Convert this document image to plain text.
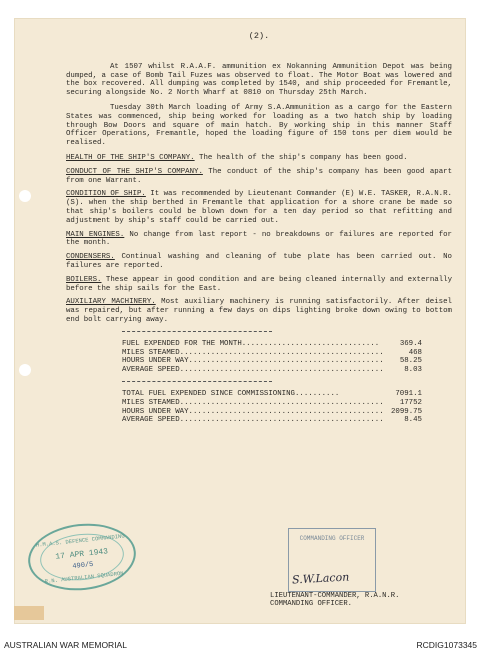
(2).

At 1507 whilst R.A.A.F. ammunition ex Nokanning Ammunition Depot was being dumped, a case of Bomb Tail Fuzes was observed to float. The Motor Boat was lowered and the box recovered. All dumping was completed by 1540, and ship proceeded for Fremantle, securing alongside No. 2 North Wharf at 0810 on Thursday 25th March.

Tuesday 30th March loading of Army S.A.Ammunition as a cargo for the Eastern States was commenced, ship being worked for loading as a two hatch ship by loading through Bow Doors and square of main hatch. By working ship in this manner Staff Officer Operations, Fremantle, hoped the loading figure of 150 tons per diem would be realised.

HEALTH OF THE SHIP'S COMPANY. The health of the ship's company has been good.

CONDUCT OF THE SHIP'S COMPANY. The conduct of the ship's company has been good apart from one Warrant.

CONDITION OF SHIP. It was recommended by Lieutenant Commander (E) W.E. TASKER, R.A.N.R.(S). when the ship berthed in Fremantle that application for a shore crane be made so that ship's boilers could be blown down for a ten day period so that refitting and adjustment by ship's staff could be carried out.

MAIN ENGINES. No change from last report - no breakdowns or failures are reported for the month.

CONDENSERS. Continual washing and cleaning of tube plate has been carried out. No failures are reported.

BOILERS. These appear in good condition and are being cleaned internally and externally before the ship sails for the East.

AUXILIARY MACHINERY. Most auxiliary machinery is running satisfactorily. After deisel was repaired, but after running a few days on dips lighting broke down owing to bottom end bolt carrying away.

FUEL EXPENDED FOR THE MONTH...............................	369.4
MILES STEAMED..............................................	468
HOURS UNDER WAY............................................	58.25
AVERAGE SPEED..............................................	8.03
TOTAL FUEL EXPENDED SINCE COMMISSIONING..........	7091.1
MILES STEAMED..............................................	17752
HOURS UNDER WAY............................................ 2099.75
AVERAGE SPEED..............................................	8.45
H.M.A.S. DEFENCE COMMANDING
17 APR 1943
490/5
R.N. AUSTRALIAN SQUADRON
COMMANDING OFFICER
S.W.Lacon
LIEUTENANT-COMMANDER, R.A.N.R.
COMMANDING OFFICER.
AUSTRALIAN WAR MEMORIAL	RCDIG1073345
